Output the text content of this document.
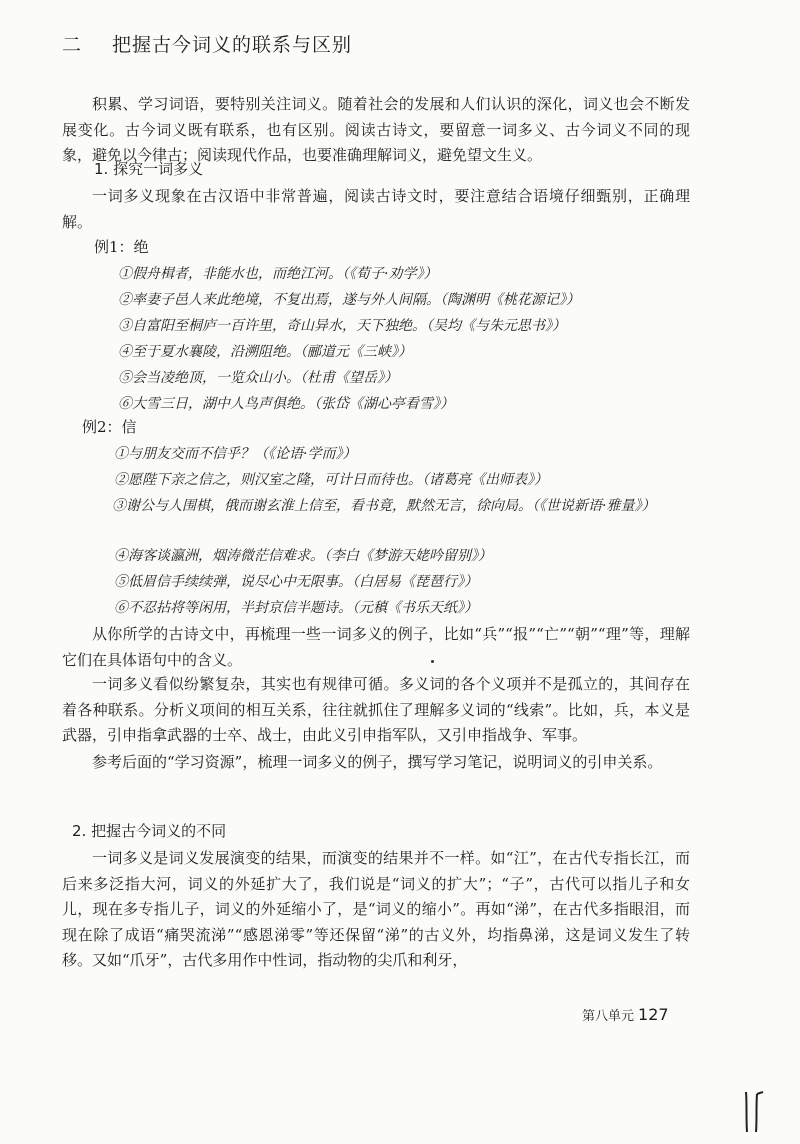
二 把握古今词义的联系与区别

积累、学习词语，要特别关注词义。随着社会的发展和人们认识的深化，词义也会不断发展变化。古今词义既有联系，也有区别。阅读古诗文，要留意一词多义、古今词义不同的现象，避免以今律古；阅读现代作品，也要准确理解词义，避免望文生义。

1. 探究一词多义

一词多义现象在古汉语中非常普遍，阅读古诗文时，要注意结合语境仔细甄别，正确理解。

例1：绝
①假舟楫者，非能水也，而绝江河。（《荀子·劝学》）
②率妻子邑人来此绝境，不复出焉，遂与外人间隔。（陶渊明《桃花源记》）
③自富阳至桐庐一百许里，奇山异水，天下独绝。（吴均《与朱元思书》）
④至于夏水襄陵，沿溯阻绝。（郦道元《三峡》）
⑤会当凌绝顶，一览众山小。（杜甫《望岳》）
⑥大雪三日，湖中人鸟声俱绝。（张岱《湖心亭看雪》）
例2：信
①与朋友交而不信乎？（《论语·学而》）
②愿陛下亲之信之，则汉室之隆，可计日而待也。（诸葛亮《出师表》）

③谢公与人围棋，俄而谢玄淮上信至，看书竟，默然无言，徐向局。（《世说新语·雅量》）

④海客谈瀛洲，烟涛微茫信难求。（李白《梦游天姥吟留别》）
⑤低眉信手续续弹，说尽心中无限事。（白居易《琵琶行》）
⑥不忍拈将等闲用，半封京信半题诗。（元稹《书乐天纸》）

从你所学的古诗文中，再梳理一些一词多义的例子，比如“兵”“报”“亡”“朝”“理”等，理解它们在具体语句中的含义。

一词多义看似纷繁复杂，其实也有规律可循。多义词的各个义项并不是孤立的，其间存在着各种联系。分析义项间的相互关系，往往就抓住了理解多义词的“线索”。比如，兵，本义是武器，引申指拿武器的士卒、战士，由此义引申指军队，又引申指战争、军事。

参考后面的“学习资源”，梳理一词多义的例子，撰写学习笔记，说明词义的引申关系。

2. 把握古今词义的不同

一词多义是词义发展演变的结果，而演变的结果并不一样。如“江”，在古代专指长江，而后来多泛指大河，词义的外延扩大了，我们说是“词义的扩大”；“子”，古代可以指儿子和女儿，现在多专指儿子，词义的外延缩小了，是“词义的缩小”。再如“涕”，在古代多指眼泪，而现在除了成语“痛哭流涕”“感恩涕零”等还保留“涕”的古义外，均指鼻涕，这是词义发生了转移。又如“爪牙”，古代多用作中性词，指动物的尖爪和利牙，

第八单元 127
